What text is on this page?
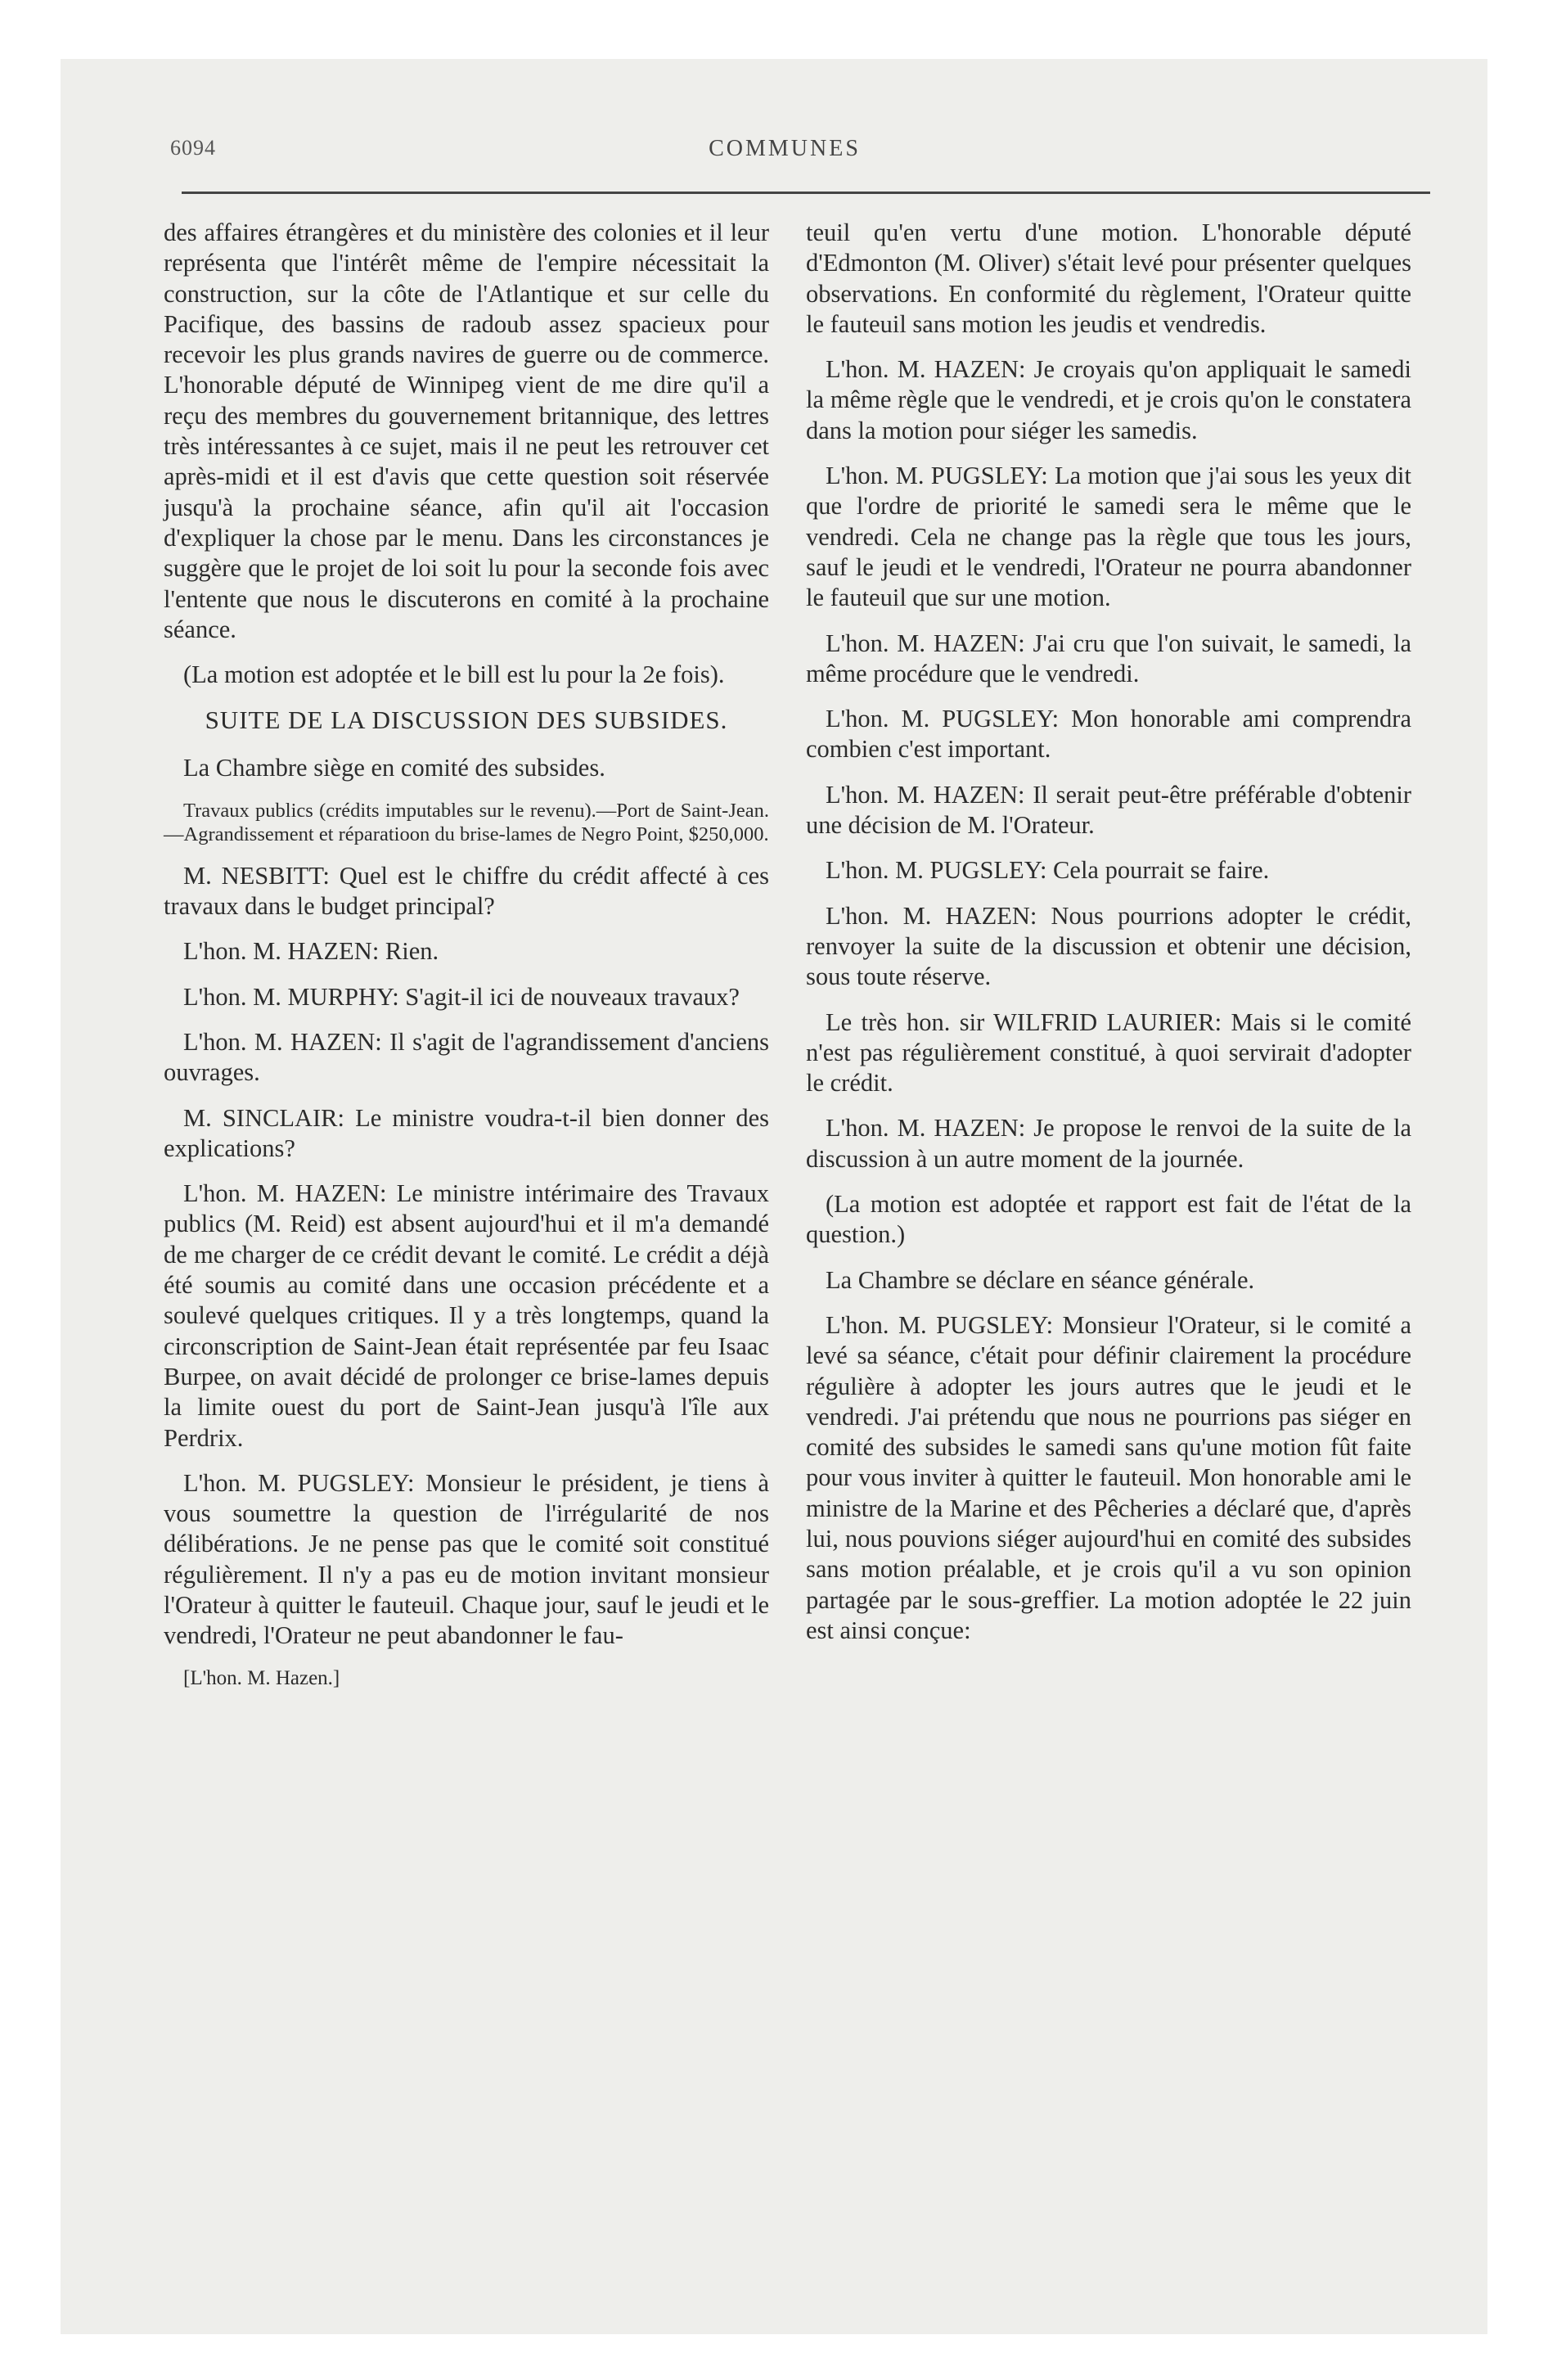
6094	COMMUNES

des affaires étrangères et du ministère des colonies et il leur représenta que l'intérêt même de l'empire nécessitait la construction, sur la côte de l'Atlantique et sur celle du Pacifique, des bassins de radoub assez spacieux pour recevoir les plus grands navires de guerre ou de commerce. L'honorable député de Winnipeg vient de me dire qu'il a reçu des membres du gouvernement britannique, des lettres très intéressantes à ce sujet, mais il ne peut les retrouver cet après-midi et il est d'avis que cette question soit réservée jusqu'à la prochaine séance, afin qu'il ait l'occasion d'expliquer la chose par le menu. Dans les circonstances je suggère que le projet de loi soit lu pour la seconde fois avec l'entente que nous le discuterons en comité à la prochaine séance.

(La motion est adoptée et le bill est lu pour la 2e fois).

SUITE DE LA DISCUSSION DES SUBSIDES.

La Chambre siège en comité des subsides.

Travaux publics (crédits imputables sur le revenu).—Port de Saint-Jean.—Agrandissement et réparatioon du brise-lames de Negro Point, $250,000.

M. NESBITT: Quel est le chiffre du crédit affecté à ces travaux dans le budget principal?

L'hon. M. HAZEN: Rien.

L'hon. M. MURPHY: S'agit-il ici de nouveaux travaux?

L'hon. M. HAZEN: Il s'agit de l'agrandissement d'anciens ouvrages.

M. SINCLAIR: Le ministre voudra-t-il bien donner des explications?

L'hon. M. HAZEN: Le ministre intérimaire des Travaux publics (M. Reid) est absent aujourd'hui et il m'a demandé de me charger de ce crédit devant le comité. Le crédit a déjà été soumis au comité dans une occasion précédente et a soulevé quelques critiques. Il y a très longtemps, quand la circonscription de Saint-Jean était représentée par feu Isaac Burpee, on avait décidé de prolonger ce brise-lames depuis la limite ouest du port de Saint-Jean jusqu'à l'île aux Perdrix.

L'hon. M. PUGSLEY: Monsieur le président, je tiens à vous soumettre la question de l'irrégularité de nos délibérations. Je ne pense pas que le comité soit constitué régulièrement. Il n'y a pas eu de motion invitant monsieur l'Orateur à quitter le fauteuil. Chaque jour, sauf le jeudi et le vendredi, l'Orateur ne peut abandonner le fau-

[L'hon. M. Hazen.]

teuil qu'en vertu d'une motion. L'honorable député d'Edmonton (M. Oliver) s'était levé pour présenter quelques observations. En conformité du règlement, l'Orateur quitte le fauteuil sans motion les jeudis et vendredis.

L'hon. M. HAZEN: Je croyais qu'on appliquait le samedi la même règle que le vendredi, et je crois qu'on le constatera dans la motion pour siéger les samedis.

L'hon. M. PUGSLEY: La motion que j'ai sous les yeux dit que l'ordre de priorité le samedi sera le même que le vendredi. Cela ne change pas la règle que tous les jours, sauf le jeudi et le vendredi, l'Orateur ne pourra abandonner le fauteuil que sur une motion.

L'hon. M. HAZEN: J'ai cru que l'on suivait, le samedi, la même procédure que le vendredi.

L'hon. M. PUGSLEY: Mon honorable ami comprendra combien c'est important.

L'hon. M. HAZEN: Il serait peut-être préférable d'obtenir une décision de M. l'Orateur.

L'hon. M. PUGSLEY: Cela pourrait se faire.

L'hon. M. HAZEN: Nous pourrions adopter le crédit, renvoyer la suite de la discussion et obtenir une décision, sous toute réserve.

Le très hon. sir WILFRID LAURIER: Mais si le comité n'est pas régulièrement constitué, à quoi servirait d'adopter le crédit.

L'hon. M. HAZEN: Je propose le renvoi de la suite de la discussion à un autre moment de la journée.

(La motion est adoptée et rapport est fait de l'état de la question.)

La Chambre se déclare en séance générale.

L'hon. M. PUGSLEY: Monsieur l'Orateur, si le comité a levé sa séance, c'était pour définir clairement la procédure régulière à adopter les jours autres que le jeudi et le vendredi. J'ai prétendu que nous ne pourrions pas siéger en comité des subsides le samedi sans qu'une motion fût faite pour vous inviter à quitter le fauteuil. Mon honorable ami le ministre de la Marine et des Pêcheries a déclaré que, d'après lui, nous pouvions siéger aujourd'hui en comité des subsides sans motion préalable, et je crois qu'il a vu son opinion partagée par le sous-greffier. La motion adoptée le 22 juin est ainsi conçue:
